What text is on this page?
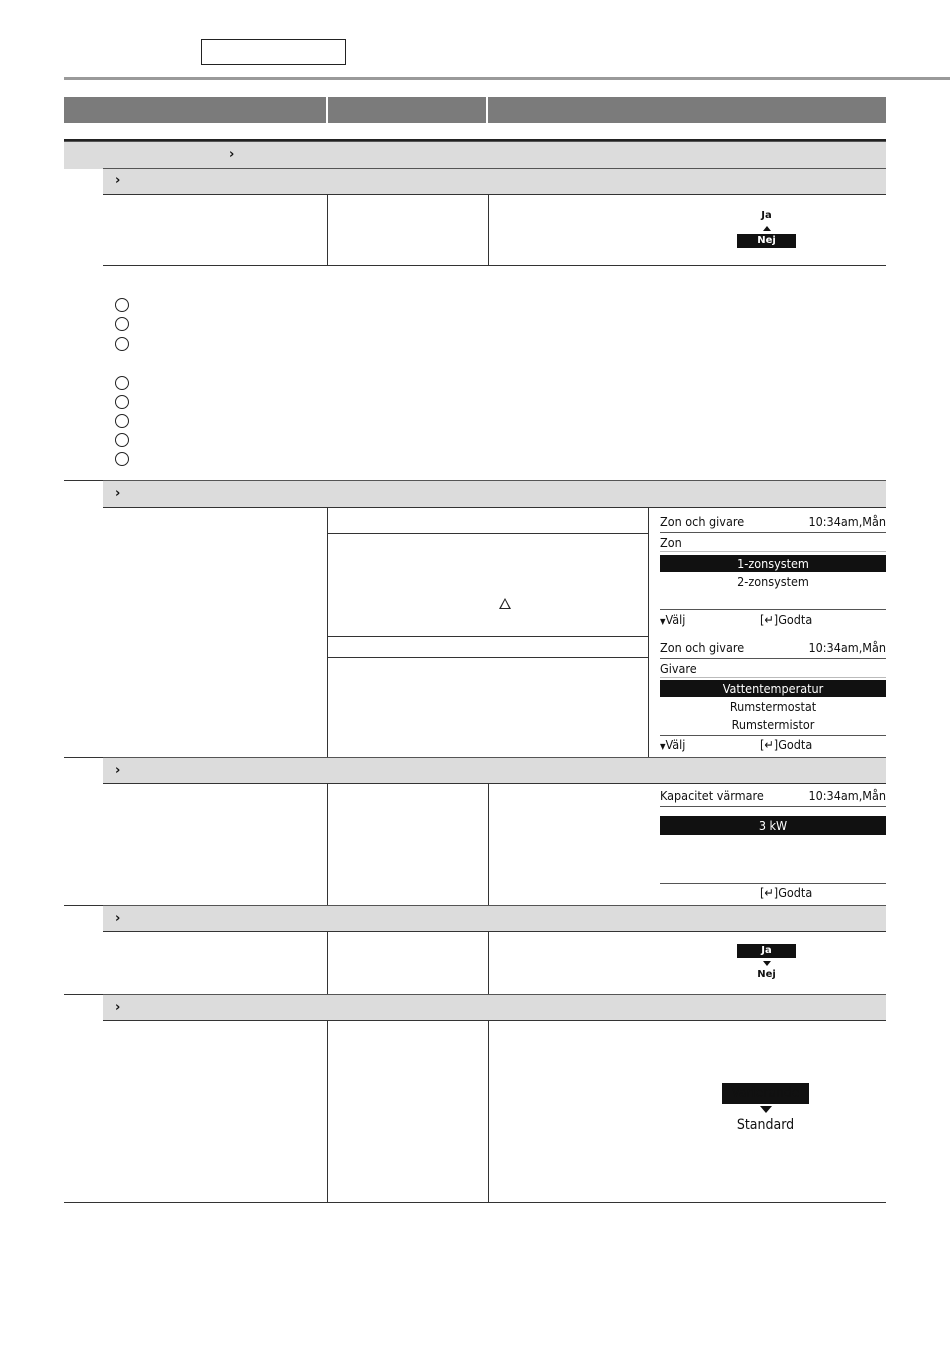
›
›
Ja
Nej
›
Zon och givare	10:34am,Mån
Zon
1-zonsystem
2-zonsystem
▼Välj	[↵]Godta
Zon och givare	10:34am,Mån
Givare
Vattentemperatur
Rumstermostat
Rumstermistor
▼Välj	[↵]Godta
›
Kapacitet värmare	10:34am,Mån
3 kW
[↵]Godta
›
Ja
Nej
›
Varierande
Standard
